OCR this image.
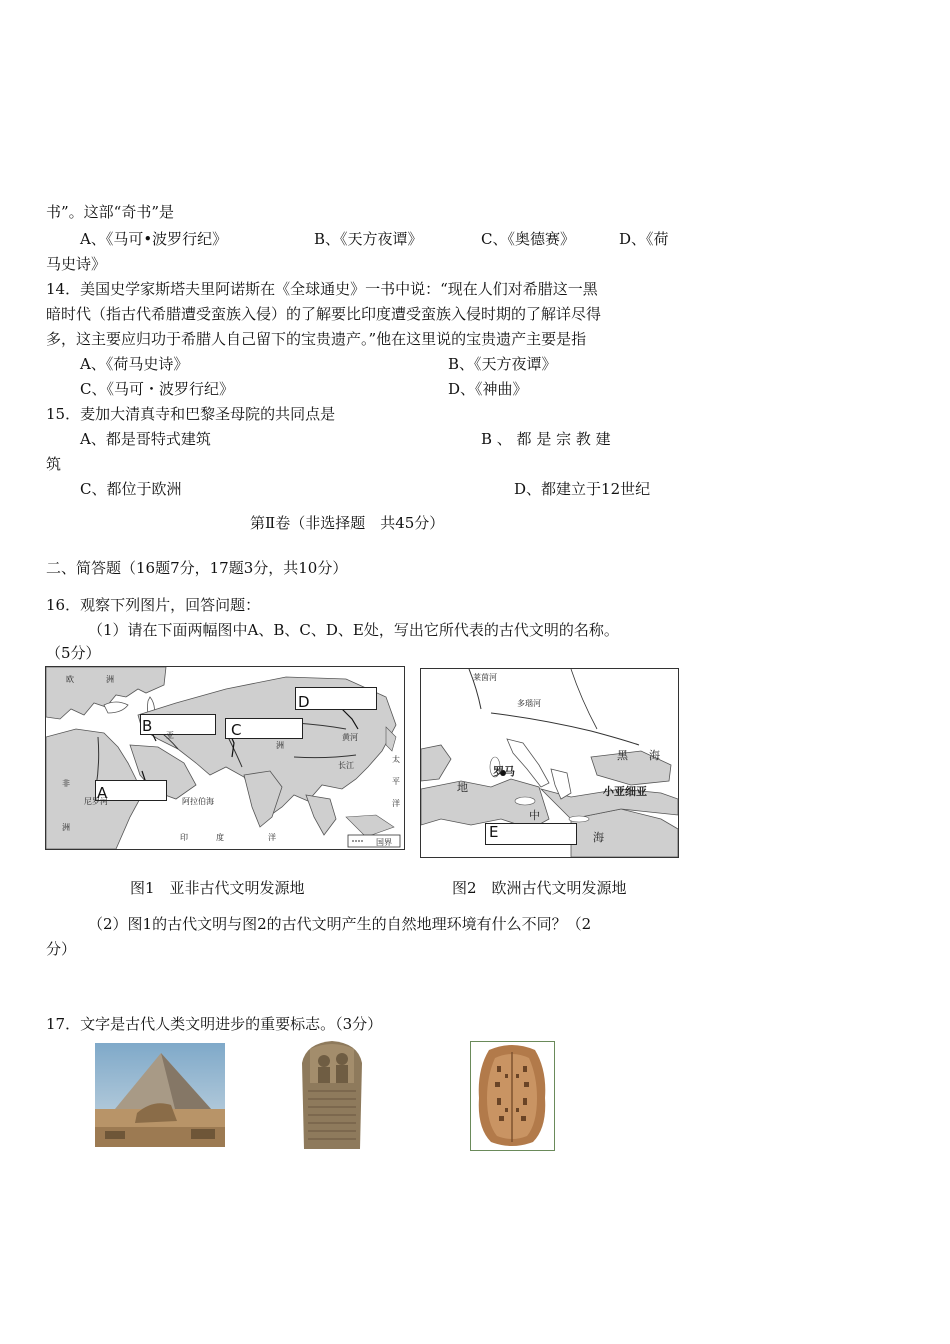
书”。这部“奇书”是
A、《马可•波罗行纪》	B、《天方夜谭》	C、《奥德赛》	D、《荷
马史诗》
14．美国史学家斯塔夫里阿诺斯在《全球通史》一书中说：“现在人们对希腊这一黑
暗时代（指古代希腊遭受蛮族入侵）的了解要比印度遭受蛮族入侵时期的了解详尽得
多，这主要应归功于希腊人自己留下的宝贵遗产。”他在这里说的宝贵遗产主要是指
A、《荷马史诗》	B、《天方夜谭》
C、《马可・波罗行纪》	D、《神曲》
15．麦加大清真寺和巴黎圣母院的共同点是
A、都是哥特式建筑	B 、 都 是 宗 教 建
筑
C、都位于欧洲	D、都建立于12世纪
第Ⅱ卷（非选择题　共45分）
二、简答题（16题7分，17题3分，共10分）
16．观察下列图片，回答问题：
（1）请在下面两幅图中A、B、C、D、E处，写出它所代表的古代文明的名称。
（5分）
A
B	C
D
欧	洲
亚
洲
非
洲
尼罗河	阿拉伯海
印	度	洋
太
平
洋
黄河
长江
国界
E
莱茵河
多瑙河
罗马
小亚细亚
黑 海
地
中
海
图1　亚非古代文明发源地	图2　欧洲古代文明发源地
（2）图1的古代文明与图2的古代文明产生的自然地理环境有什么不同？（2
分）
17．文字是古代人类文明进步的重要标志。（3分）
